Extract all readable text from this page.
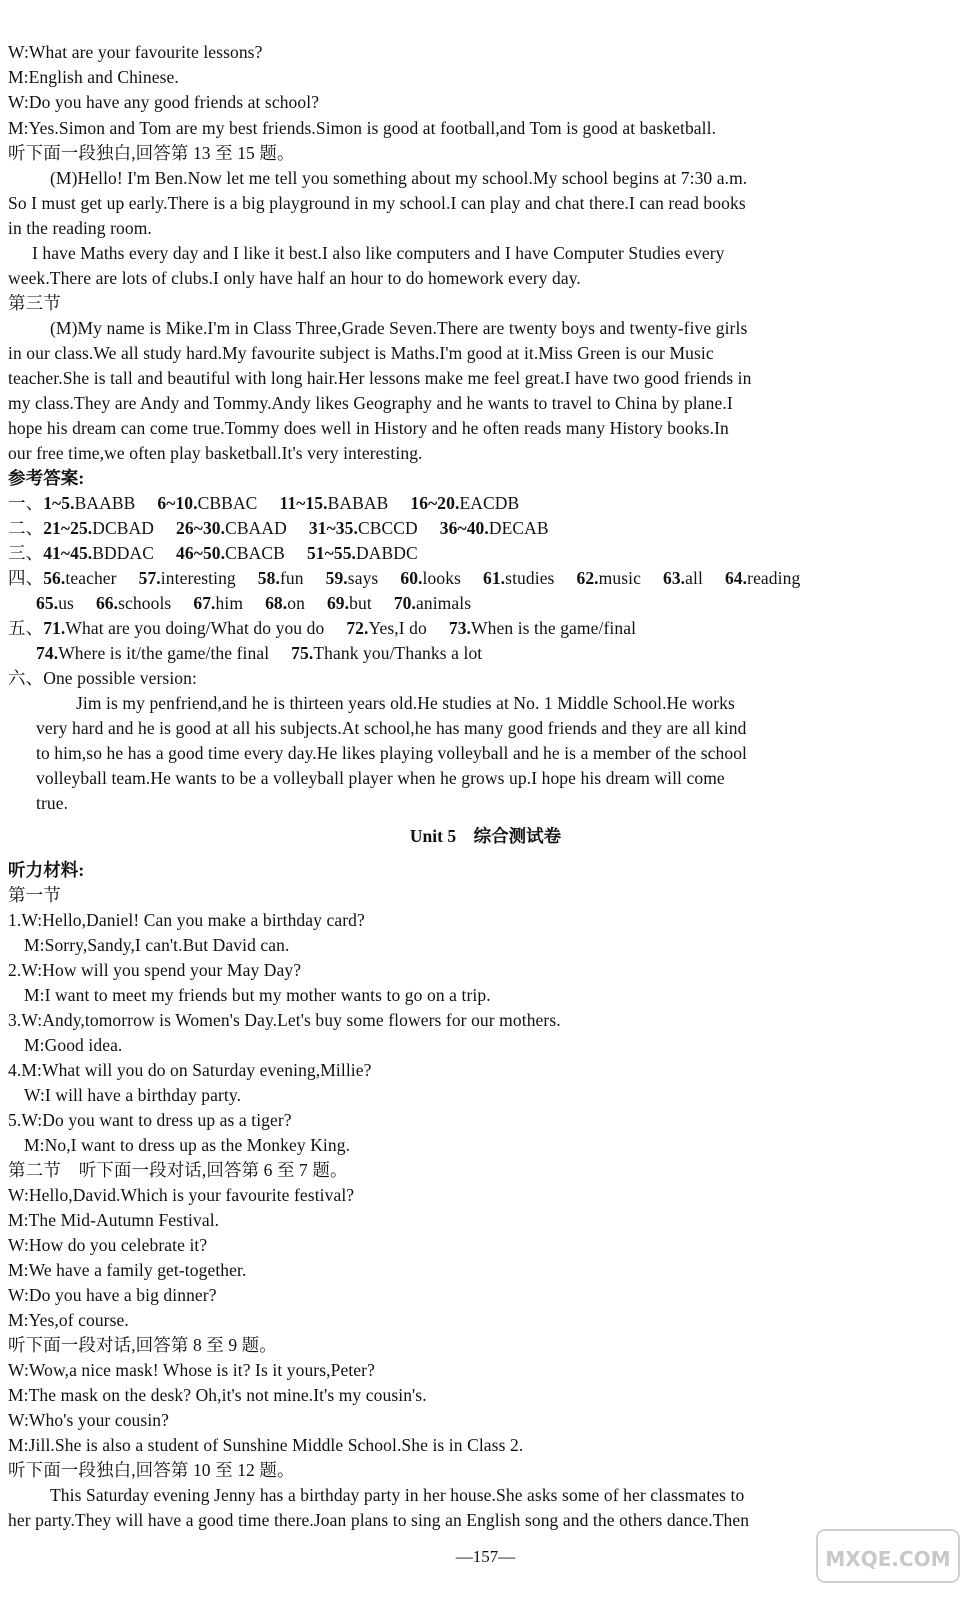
W:What are your favourite lessons?
M:English and Chinese.
W:Do you have any good friends at school?
M:Yes.Simon and Tom are my best friends.Simon is good at football,and Tom is good at basketball.
听下面一段独白,回答第 13 至 15 题。
(M)Hello! I'm Ben.Now let me tell you something about my school.My school begins at 7:30 a.m.
So I must get up early.There is a big playground in my school.I can play and chat there.I can read books
in the reading room.
I have Maths every day and I like it best.I also like computers and I have Computer Studies every
week.There are lots of clubs.I only have half an hour to do homework every day.
第三节
(M)My name is Mike.I'm in Class Three,Grade Seven.There are twenty boys and twenty-five girls
in our class.We all study hard.My favourite subject is Maths.I'm good at it.Miss Green is our Music
teacher.She is tall and beautiful with long hair.Her lessons make me feel great.I have two good friends in
my class.They are Andy and Tommy.Andy likes Geography and he wants to travel to China by plane.I
hope his dream can come true.Tommy does well in History and he often reads many History books.In
our free time,we often play basketball.It's very interesting.
参考答案:
一、1~5.BAABB 6~10.CBBAC 11~15.BABAB 16~20.EACDB
二、21~25.DCBAD 26~30.CBAAD 31~35.CBCCD 36~40.DECAB
三、41~45.BDDAC 46~50.CBACB 51~55.DABDC
四、56.teacher 57.interesting 58.fun 59.says 60.looks 61.studies 62.music 63.all 64.reading
65.us 66.schools 67.him 68.on 69.but 70.animals
五、71.What are you doing/What do you do 72.Yes,I do 73.When is the game/final
74.Where is it/the game/the final 75.Thank you/Thanks a lot
六、One possible version:
Jim is my penfriend,and he is thirteen years old.He studies at No. 1 Middle School.He works
very hard and he is good at all his subjects.At school,he has many good friends and they are all kind
to him,so he has a good time every day.He likes playing volleyball and he is a member of the school
volleyball team.He wants to be a volleyball player when he grows up.I hope his dream will come
true.
Unit 5    综合测试卷
听力材料:
第一节
1.W:Hello,Daniel! Can you make a birthday card?
M:Sorry,Sandy,I can't.But David can.
2.W:How will you spend your May Day?
M:I want to meet my friends but my mother wants to go on a trip.
3.W:Andy,tomorrow is Women's Day.Let's buy some flowers for our mothers.
M:Good idea.
4.M:What will you do on Saturday evening,Millie?
W:I will have a birthday party.
5.W:Do you want to dress up as a tiger?
M:No,I want to dress up as the Monkey King.
第二节    听下面一段对话,回答第 6 至 7 题。
W:Hello,David.Which is your favourite festival?
M:The Mid-Autumn Festival.
W:How do you celebrate it?
M:We have a family get-together.
W:Do you have a big dinner?
M:Yes,of course.
听下面一段对话,回答第 8 至 9 题。
W:Wow,a nice mask! Whose is it? Is it yours,Peter?
M:The mask on the desk? Oh,it's not mine.It's my cousin's.
W:Who's your cousin?
M:Jill.She is also a student of Sunshine Middle School.She is in Class 2.
听下面一段独白,回答第 10 至 12 题。
This Saturday evening Jenny has a birthday party in her house.She asks some of her classmates to
her party.They will have a good time there.Joan plans to sing an English song and the others dance.Then
—157—	MXQE.COM
